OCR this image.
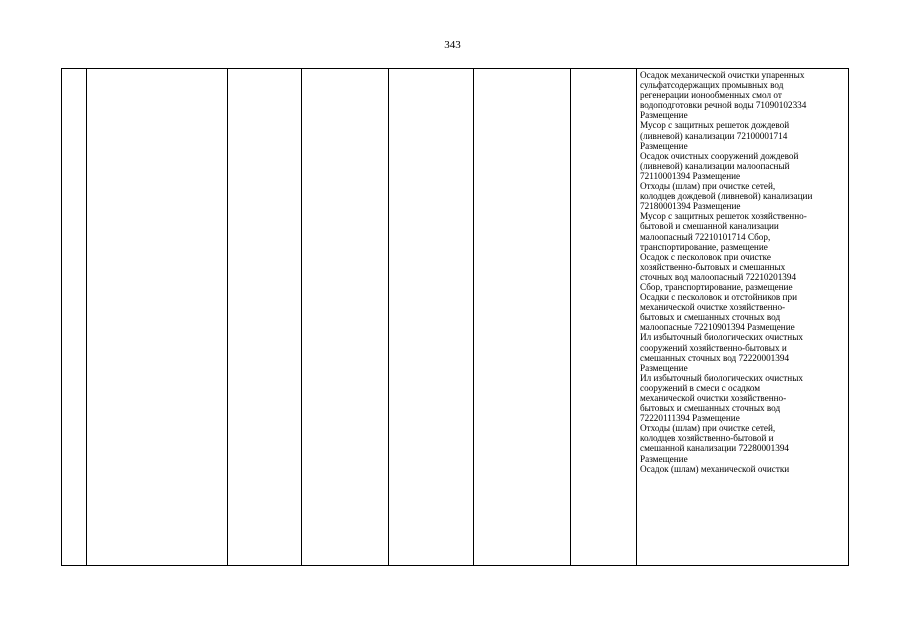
343

Осадок механической очистки упаренных
сульфатсодержащих промывных вод
регенерации ионообменных смол от
водоподготовки речной воды 71090102334
Размещение
Мусор с защитных решеток дождевой
(ливневой) канализации 72100001714
Размещение
Осадок очистных сооружений дождевой
(ливневой) канализации малоопасный
72110001394 Размещение
Отходы (шлам) при очистке сетей,
колодцев дождевой (ливневой) канализации
72180001394 Размещение
Мусор с защитных решеток хозяйственно-
бытовой и смешанной канализации
малоопасный 72210101714 Сбор,
транспортирование, размещение
Осадок с песколовок при очистке
хозяйственно-бытовых и смешанных
сточных вод малоопасный 72210201394
Сбор, транспортирование, размещение
Осадки с песколовок и отстойников при
механической очистке хозяйственно-
бытовых и смешанных сточных вод
малоопасные 72210901394 Размещение
Ил избыточный биологических очистных
сооружений хозяйственно-бытовых и
смешанных сточных вод 72220001394
Размещение
Ил избыточный биологических очистных
сооружений в смеси с осадком
механической очистки хозяйственно-
бытовых и смешанных сточных вод
72220111394 Размещение
Отходы (шлам) при очистке сетей,
колодцев хозяйственно-бытовой и
смешанной канализации 72280001394
Размещение
Осадок (шлам) механической очистки
